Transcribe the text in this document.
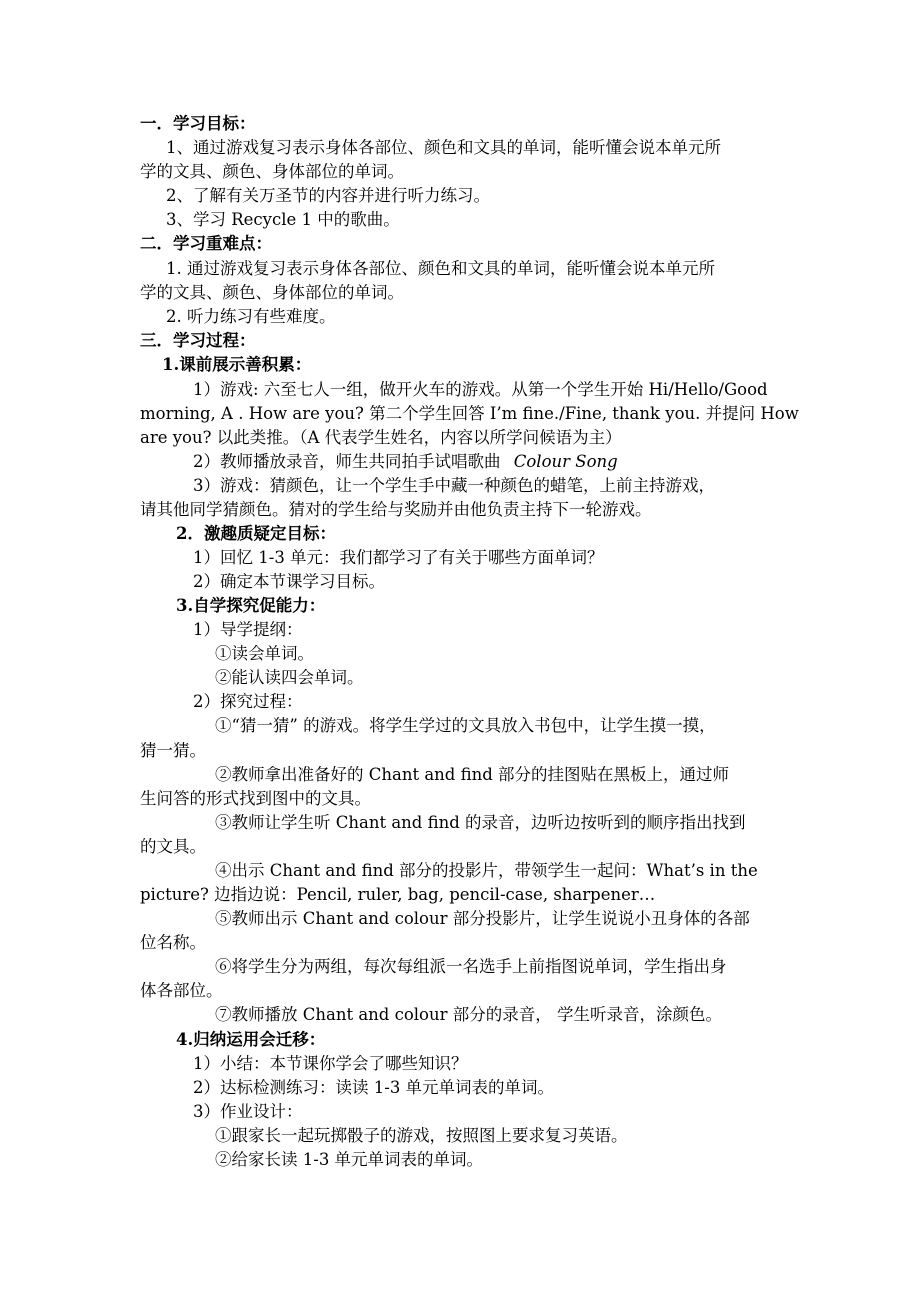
一．学习目标：
1、通过游戏复习表示身体各部位、颜色和文具的单词，能听懂会说本单元所
学的文具、颜色、身体部位的单词。
2、了解有关万圣节的内容并进行听力练习。
3、学习 Recycle 1 中的歌曲。
二．学习重难点：
1. 通过游戏复习表示身体各部位、颜色和文具的单词，能听懂会说本单元所
学的文具、颜色、身体部位的单词。
2. 听力练习有些难度。
三．学习过程：
1.课前展示善积累：
1）游戏: 六至七人一组，做开火车的游戏。从第一个学生开始 Hi/Hello/Good
morning, A . How are you? 第二个学生回答 I’m fine./Fine, thank you. 并提问 How
are you? 以此类推。（A 代表学生姓名，内容以所学问候语为主）
2）教师播放录音，师生共同拍手试唱歌曲 Colour Song
3）游戏：猜颜色，让一个学生手中藏一种颜色的蜡笔，上前主持游戏，
请其他同学猜颜色。猜对的学生给与奖励并由他负责主持下一轮游戏。
2．激趣质疑定目标：
1）回忆 1-3 单元：我们都学习了有关于哪些方面单词？
2）确定本节课学习目标。
3.自学探究促能力：
1）导学提纲：
①读会单词。
②能认读四会单词。
2）探究过程：
①“猜一猜” 的游戏。将学生学过的文具放入书包中，让学生摸一摸，
猜一猜。
②教师拿出准备好的 Chant and find 部分的挂图贴在黑板上，通过师
生问答的形式找到图中的文具。
③教师让学生听 Chant and find 的录音，边听边按听到的顺序指出找到
的文具。
④出示 Chant and find 部分的投影片，带领学生一起问：What’s in the
picture? 边指边说：Pencil, ruler, bag, pencil-case, sharpener…
⑤教师出示 Chant and colour 部分投影片，让学生说说小丑身体的各部
位名称。
⑥将学生分为两组，每次每组派一名选手上前指图说单词，学生指出身
体各部位。
⑦教师播放 Chant and colour 部分的录音， 学生听录音，涂颜色。
4.归纳运用会迁移：
1）小结：本节课你学会了哪些知识？
2）达标检测练习：读读 1-3 单元单词表的单词。
3）作业设计：
①跟家长一起玩掷骰子的游戏，按照图上要求复习英语。
②给家长读 1-3 单元单词表的单词。
